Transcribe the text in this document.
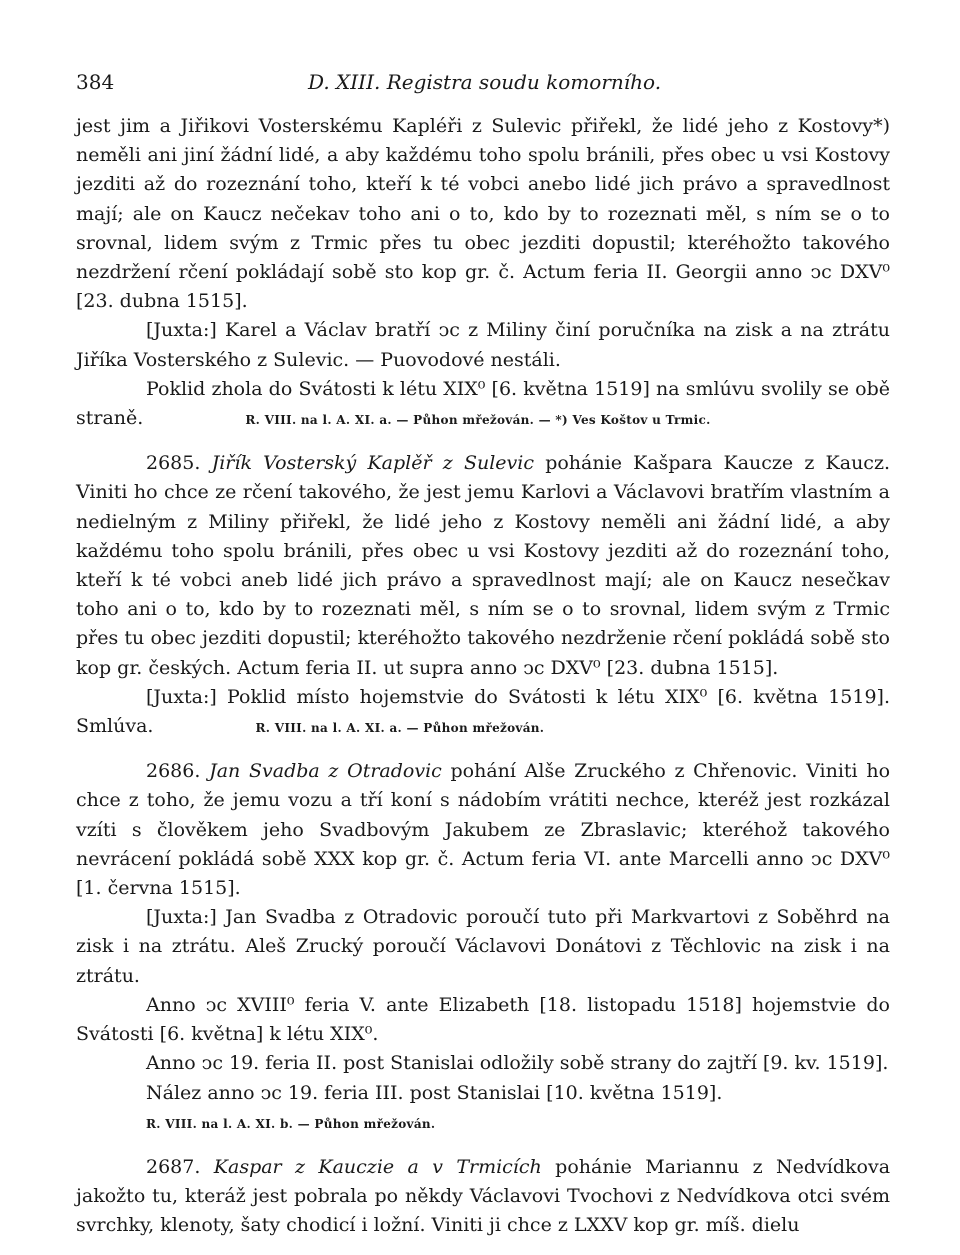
384	D. XIII. Registra soudu komorního.

jest jim a Jiřikovi Vosterskému Kapléři z Sulevic přiřekl, že lidé jeho z Kostovy*) neměli ani jiní žádní lidé, a aby každému toho spolu bránili, přes obec u vsi Kostovy jezditi až do rozeznání toho, kteří k té vobci anebo lidé jich právo a spravedlnost mají; ale on Kaucz nečekav toho ani o to, kdo by to rozeznati měl, s ním se o to srovnal, lidem svým z Trmic přes tu obec jezditi dopustil; kteréhožto takového nezdržení rčení pokládají sobě sto kop gr. č. Actum feria II. Georgii anno ↄc DXV⁰ [23. dubna 1515].

[Juxta:] Karel a Václav bratří ↄc z Miliny činí poručníka na zisk a na ztrátu Jiříka Vosterského z Sulevic. — Puovodové nestáli.

Poklid zhola do Svátosti k létu XIX⁰ [6. května 1519] na smlúvu svolily se obě straně.	R. VIII. na l. A. XI. a. — Půhon mřežován. — *) Ves Koštov u Trmic.

2685. Jiřík Vosterský Kaplěř z Sulevic pohánie Kašpara Kaucze z Kaucz. Viniti ho chce ze rčení takového, že jest jemu Karlovi a Václavovi bratřím vlastním a nedielným z Miliny přiřekl, že lidé jeho z Kostovy neměli ani žádní lidé, a aby každému toho spolu bránili, přes obec u vsi Kostovy jezditi až do rozeznání toho, kteří k té vobci aneb lidé jich právo a spravedlnost mají; ale on Kaucz nesečkav toho ani o to, kdo by to rozeznati měl, s ním se o to srovnal, lidem svým z Trmic přes tu obec jezditi dopustil; kteréhožto takového nezdrženie rčení pokládá sobě sto kop gr. českých. Actum feria II. ut supra anno ↄc DXV⁰ [23. dubna 1515].

[Juxta:] Poklid místo hojemstvie do Svátosti k létu XIX⁰ [6. května 1519]. Smlúva.	R. VIII. na l. A. XI. a. — Půhon mřežován.

2686. Jan Svadba z Otradovic pohání Alše Zruckého z Chřenovic. Viniti ho chce z toho, že jemu vozu a tří koní s nádobím vrátiti nechce, kteréž jest rozkázal vzíti s člověkem jeho Svadbovým Jakubem ze Zbraslavic; kteréhož takového nevrácení pokládá sobě XXX kop gr. č. Actum feria VI. ante Marcelli anno ↄc DXV⁰ [1. června 1515].

[Juxta:] Jan Svadba z Otradovic poroučí tuto při Markvartovi z Soběhrd na zisk i na ztrátu. Aleš Zrucký poroučí Václavovi Donátovi z Těchlovic na zisk i na ztrátu.

Anno ↄc XVIII⁰ feria V. ante Elizabeth [18. listopadu 1518] hojemstvie do Svátosti [6. května] k létu XIX⁰.

Anno ↄc 19. feria II. post Stanislai odložily sobě strany do zajtří [9. kv. 1519].

Nález anno ↄc 19. feria III. post Stanislai [10. května 1519].

R. VIII. na l. A. XI. b. — Půhon mřežován.

2687. Kaspar z Kauczie a v Trmicích pohánie Mariannu z Nedvídkova jakožto tu, kteráž jest pobrala po někdy Václavovi Tvochovi z Nedvídkova otci svém svrchky, klenoty, šaty chodicí i ložní. Viniti ji chce z LXXV kop gr. míš. dielu
